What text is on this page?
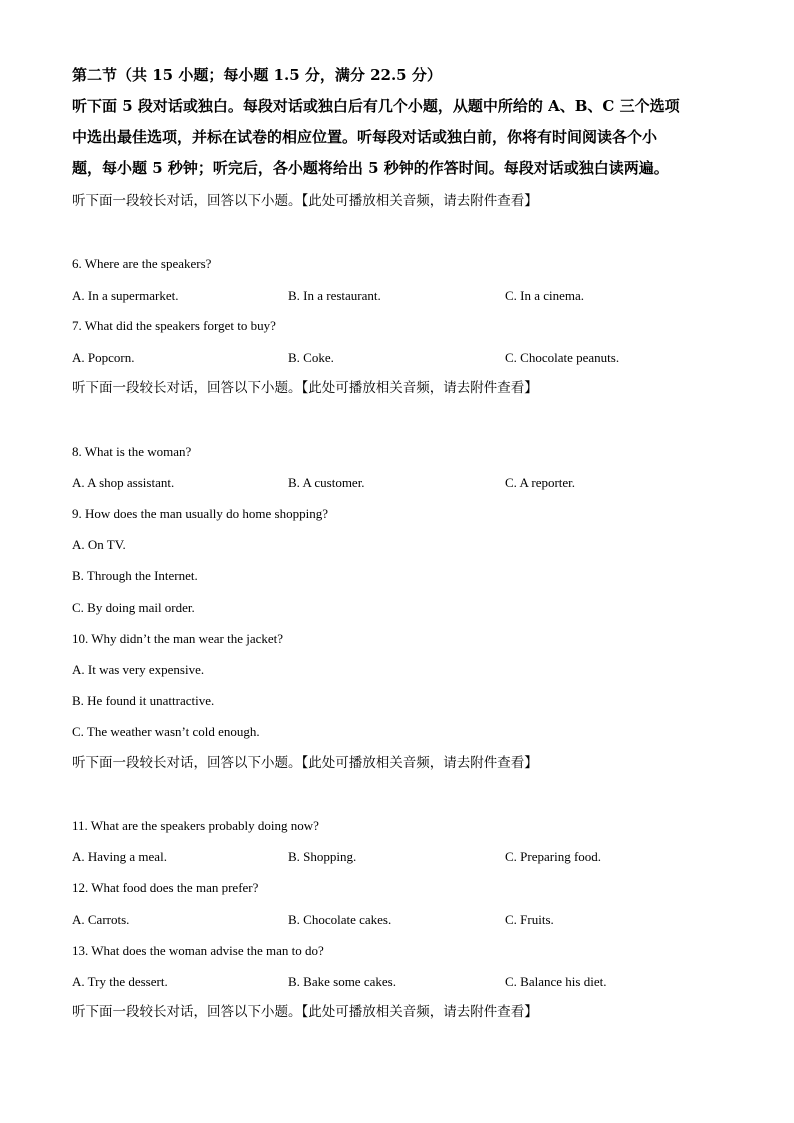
第二节（共 15 小题；每小题 1.5 分，满分 22.5 分）
听下面 5 段对话或独白。每段对话或独白后有几个小题，从题中所给的 A、B、C 三个选项
中选出最佳选项，并标在试卷的相应位置。听每段对话或独白前，你将有时间阅读各个小
题，每小题 5 秒钟；听完后，各小题将给出 5 秒钟的作答时间。每段对话或独白读两遍。
听下面一段较长对话，回答以下小题。【此处可播放相关音频，请去附件查看】
6. Where are the speakers?
A. In a supermarket.	B. In a restaurant.	C. In a cinema.
7. What did the speakers forget to buy?
A. Popcorn.	B. Coke.	C. Chocolate peanuts.
听下面一段较长对话，回答以下小题。【此处可播放相关音频，请去附件查看】
8. What is the woman?
A. A shop assistant.	B. A customer.	C. A reporter.
9. How does the man usually do home shopping?
A. On TV.
B. Through the Internet.
C. By doing mail order.
10. Why didn’t the man wear the jacket?
A. It was very expensive.
B. He found it unattractive.
C. The weather wasn’t cold enough.
听下面一段较长对话，回答以下小题。【此处可播放相关音频，请去附件查看】
11. What are the speakers probably doing now?
A. Having a meal.	B. Shopping.	C. Preparing food.
12. What food does the man prefer?
A. Carrots.	B. Chocolate cakes.	C. Fruits.
13. What does the woman advise the man to do?
A. Try the dessert.	B. Bake some cakes.	C. Balance his diet.
听下面一段较长对话，回答以下小题。【此处可播放相关音频，请去附件查看】
